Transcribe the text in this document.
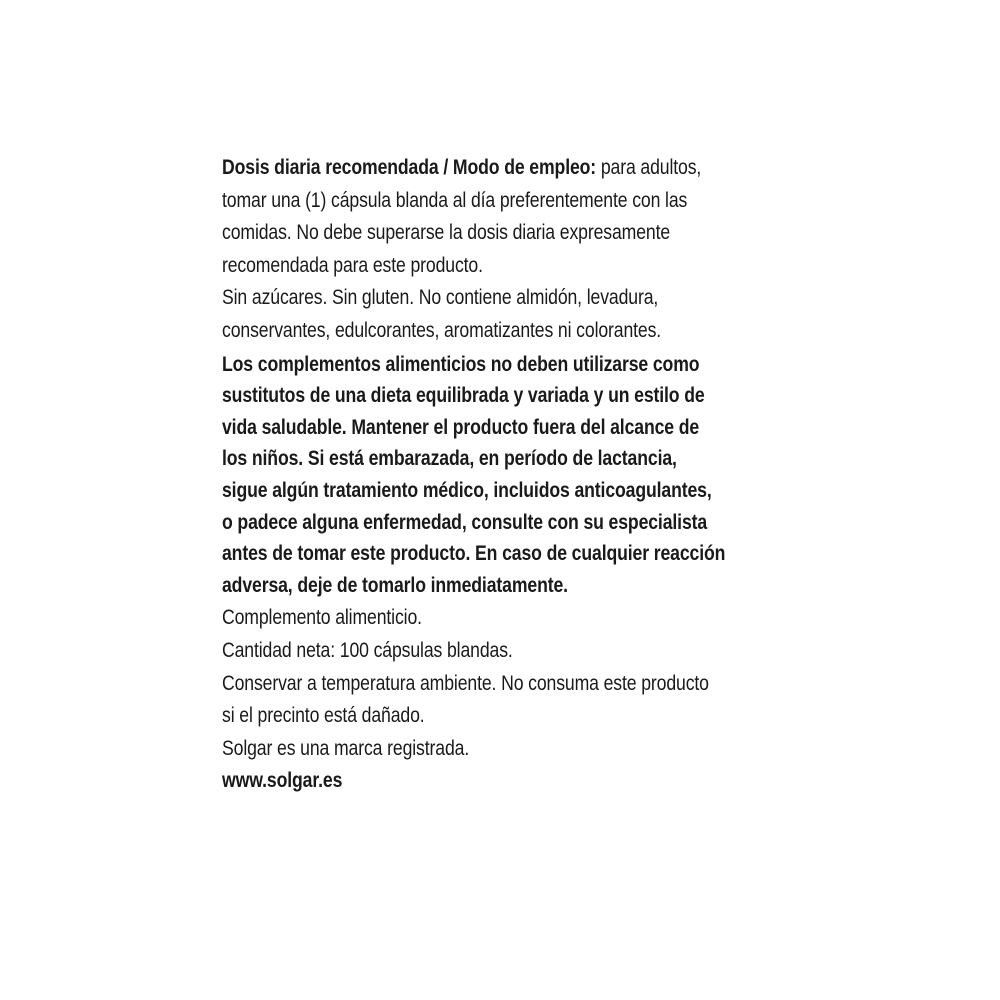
Dosis diaria recomendada / Modo de empleo: para adultos, tomar una (1) cápsula blanda al día preferentemente con las comidas. No debe superarse la dosis diaria expresamente recomendada para este producto.

Sin azúcares. Sin gluten. No contiene almidón, levadura, conservantes, edulcorantes, aromatizantes ni colorantes.

Los complementos alimenticios no deben utilizarse como sustitutos de una dieta equilibrada y variada y un estilo de vida saludable. Mantener el producto fuera del alcance de los niños. Si está embarazada, en período de lactancia, sigue algún tratamiento médico, incluidos anticoagulantes, o padece alguna enfermedad, consulte con su especialista antes de tomar este producto. En caso de cualquier reacción adversa, deje de tomarlo inmediatamente.

Complemento alimenticio.

Cantidad neta: 100 cápsulas blandas.

Conservar a temperatura ambiente. No consuma este producto si el precinto está dañado.

Solgar es una marca registrada.

www.solgar.es
